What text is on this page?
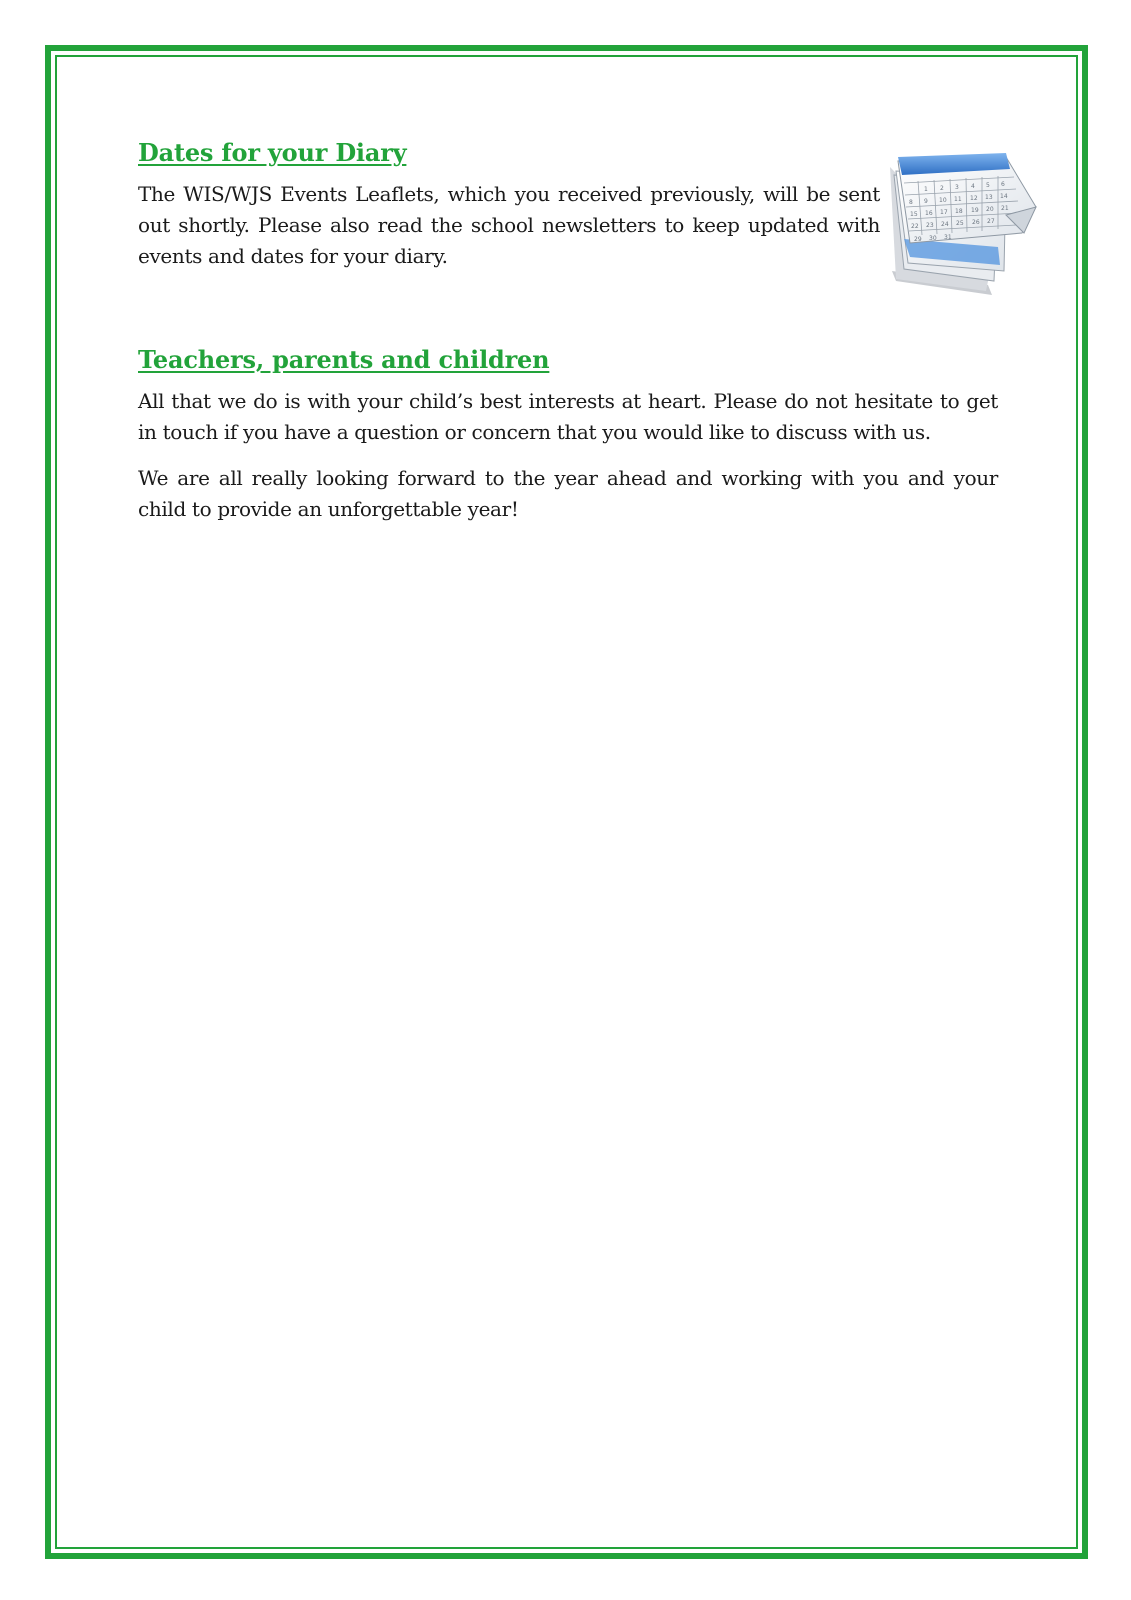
Dates for your Diary

The WIS/WJS Events Leaflets, which you received previously, will be sent out shortly. Please also read the school newsletters to keep updated with events and dates for your diary.

1 2 3 4 5 6
8 9 10 11 12 13 14
15 16 17 18 19 20 21
22 23 24 25 26 27
29 30 31
Teachers, parents and children

All that we do is with your child’s best interests at heart. Please do not hesitate to get in touch if you have a question or concern that you would like to discuss with us.

We are all really looking forward to the year ahead and working with you and your child to provide an unforgettable year!
